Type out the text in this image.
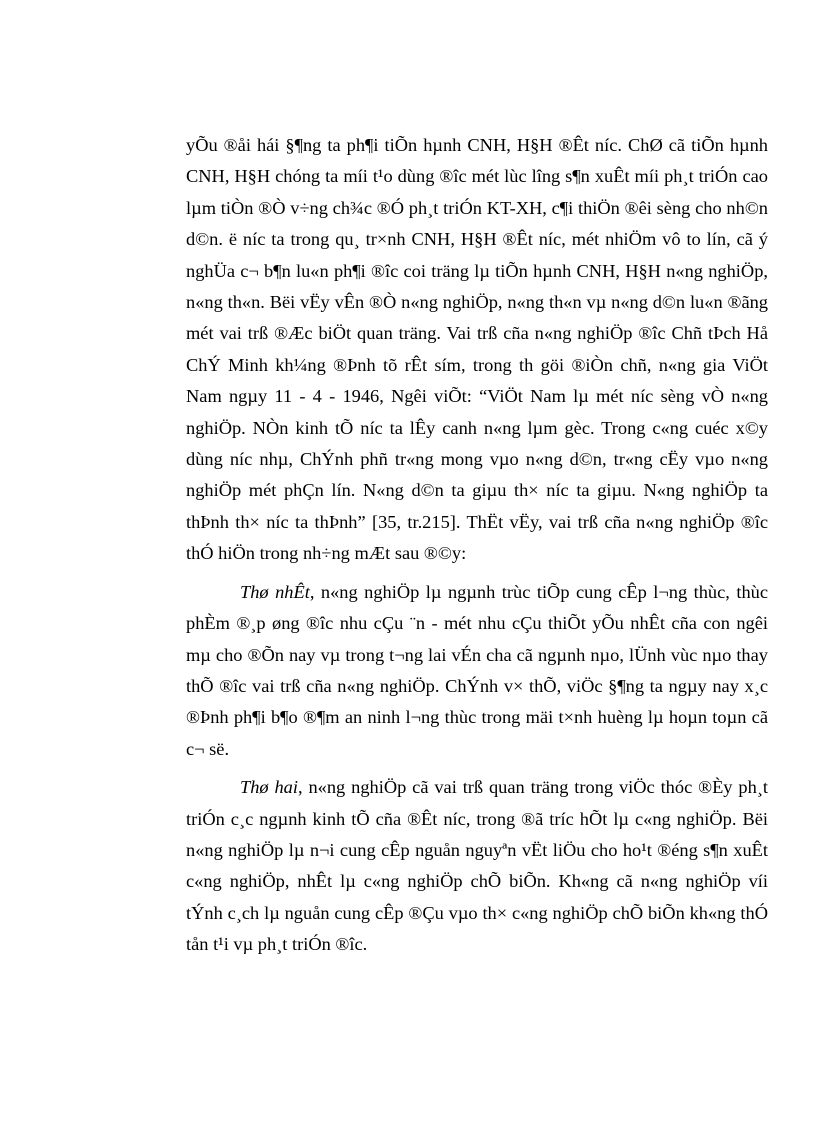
yÕu ®åi hái §¶ng ta ph¶i tiÕn hµnh CNH, H§H ®Êt níc. ChØ cã tiÕn hµnh CNH, H§H chóng ta míi t¹o dùng ®îc mét lùc lîng s¶n xuÊt míi ph¸t triÓn cao lµm tiÒn ®Ò v÷ng ch¾c ®Ó ph¸t triÓn KT-XH, c¶i thiÖn ®êi sèng cho nh©n d©n. ë níc ta trong qu¸ tr×nh CNH, H§H ®Êt níc, mét nhiÖm vô to lín, cã ý nghÜa c¬ b¶n lu«n ph¶i ®îc coi träng lµ tiÕn hµnh CNH, H§H n«ng nghiÖp, n«ng th«n. Bëi vËy vÊn ®Ò n«ng nghiÖp, n«ng th«n vµ n«ng d©n lu«n ®ãng mét vai trß ®Æc biÖt quan träng. Vai trß cña n«ng nghiÖp ®îc Chñ tÞch Hå ChÝ Minh kh¼ng ®Þnh tõ rÊt sím, trong th göi ®iÒn chñ, n«ng gia ViÖt Nam ngµy 11 - 4 - 1946, Ngêi viÕt: “ViÖt Nam lµ mét níc sèng vÒ n«ng nghiÖp. NÒn kinh tÕ níc ta lÊy canh n«ng lµm gèc. Trong c«ng cuéc x©y dùng níc nhµ, ChÝnh phñ tr«ng mong vµo n«ng d©n, tr«ng cËy vµo n«ng nghiÖp mét phÇn lín. N«ng d©n ta giµu th× níc ta giµu. N«ng nghiÖp ta thÞnh th× níc ta thÞnh” [35, tr.215]. ThËt vËy, vai trß cña n«ng nghiÖp ®îc thÓ hiÖn trong nh÷ng mÆt sau ®©y:

Thø nhÊt, n«ng nghiÖp lµ ngµnh trùc tiÕp cung cÊp l¬ng thùc, thùc phÈm ®¸p øng ®îc nhu cÇu ¨n - mét nhu cÇu thiÕt yÕu nhÊt cña con ngêi mµ cho ®Õn nay vµ trong t¬ng lai vÉn cha cã ngµnh nµo, lÜnh vùc nµo thay thÕ ®îc vai trß cña n«ng nghiÖp. ChÝnh v× thÕ, viÖc §¶ng ta ngµy nay x¸c ®Þnh ph¶i b¶o ®¶m an ninh l¬ng thùc trong mäi t×nh huèng lµ hoµn toµn cã c¬ së.

Thø hai, n«ng nghiÖp cã vai trß quan träng trong viÖc thóc ®Èy ph¸t triÓn c¸c ngµnh kinh tÕ cña ®Êt níc, trong ®ã tríc hÕt lµ c«ng nghiÖp. Bëi n«ng nghiÖp lµ n¬i cung cÊp nguån nguyªn vËt liÖu cho ho¹t ®éng s¶n xuÊt c«ng nghiÖp, nhÊt lµ c«ng nghiÖp chÕ biÕn. Kh«ng cã n«ng nghiÖp víi tÝnh c¸ch lµ nguån cung cÊp ®Çu vµo th× c«ng nghiÖp chÕ biÕn kh«ng thÓ tån t¹i vµ ph¸t triÓn ®îc.
